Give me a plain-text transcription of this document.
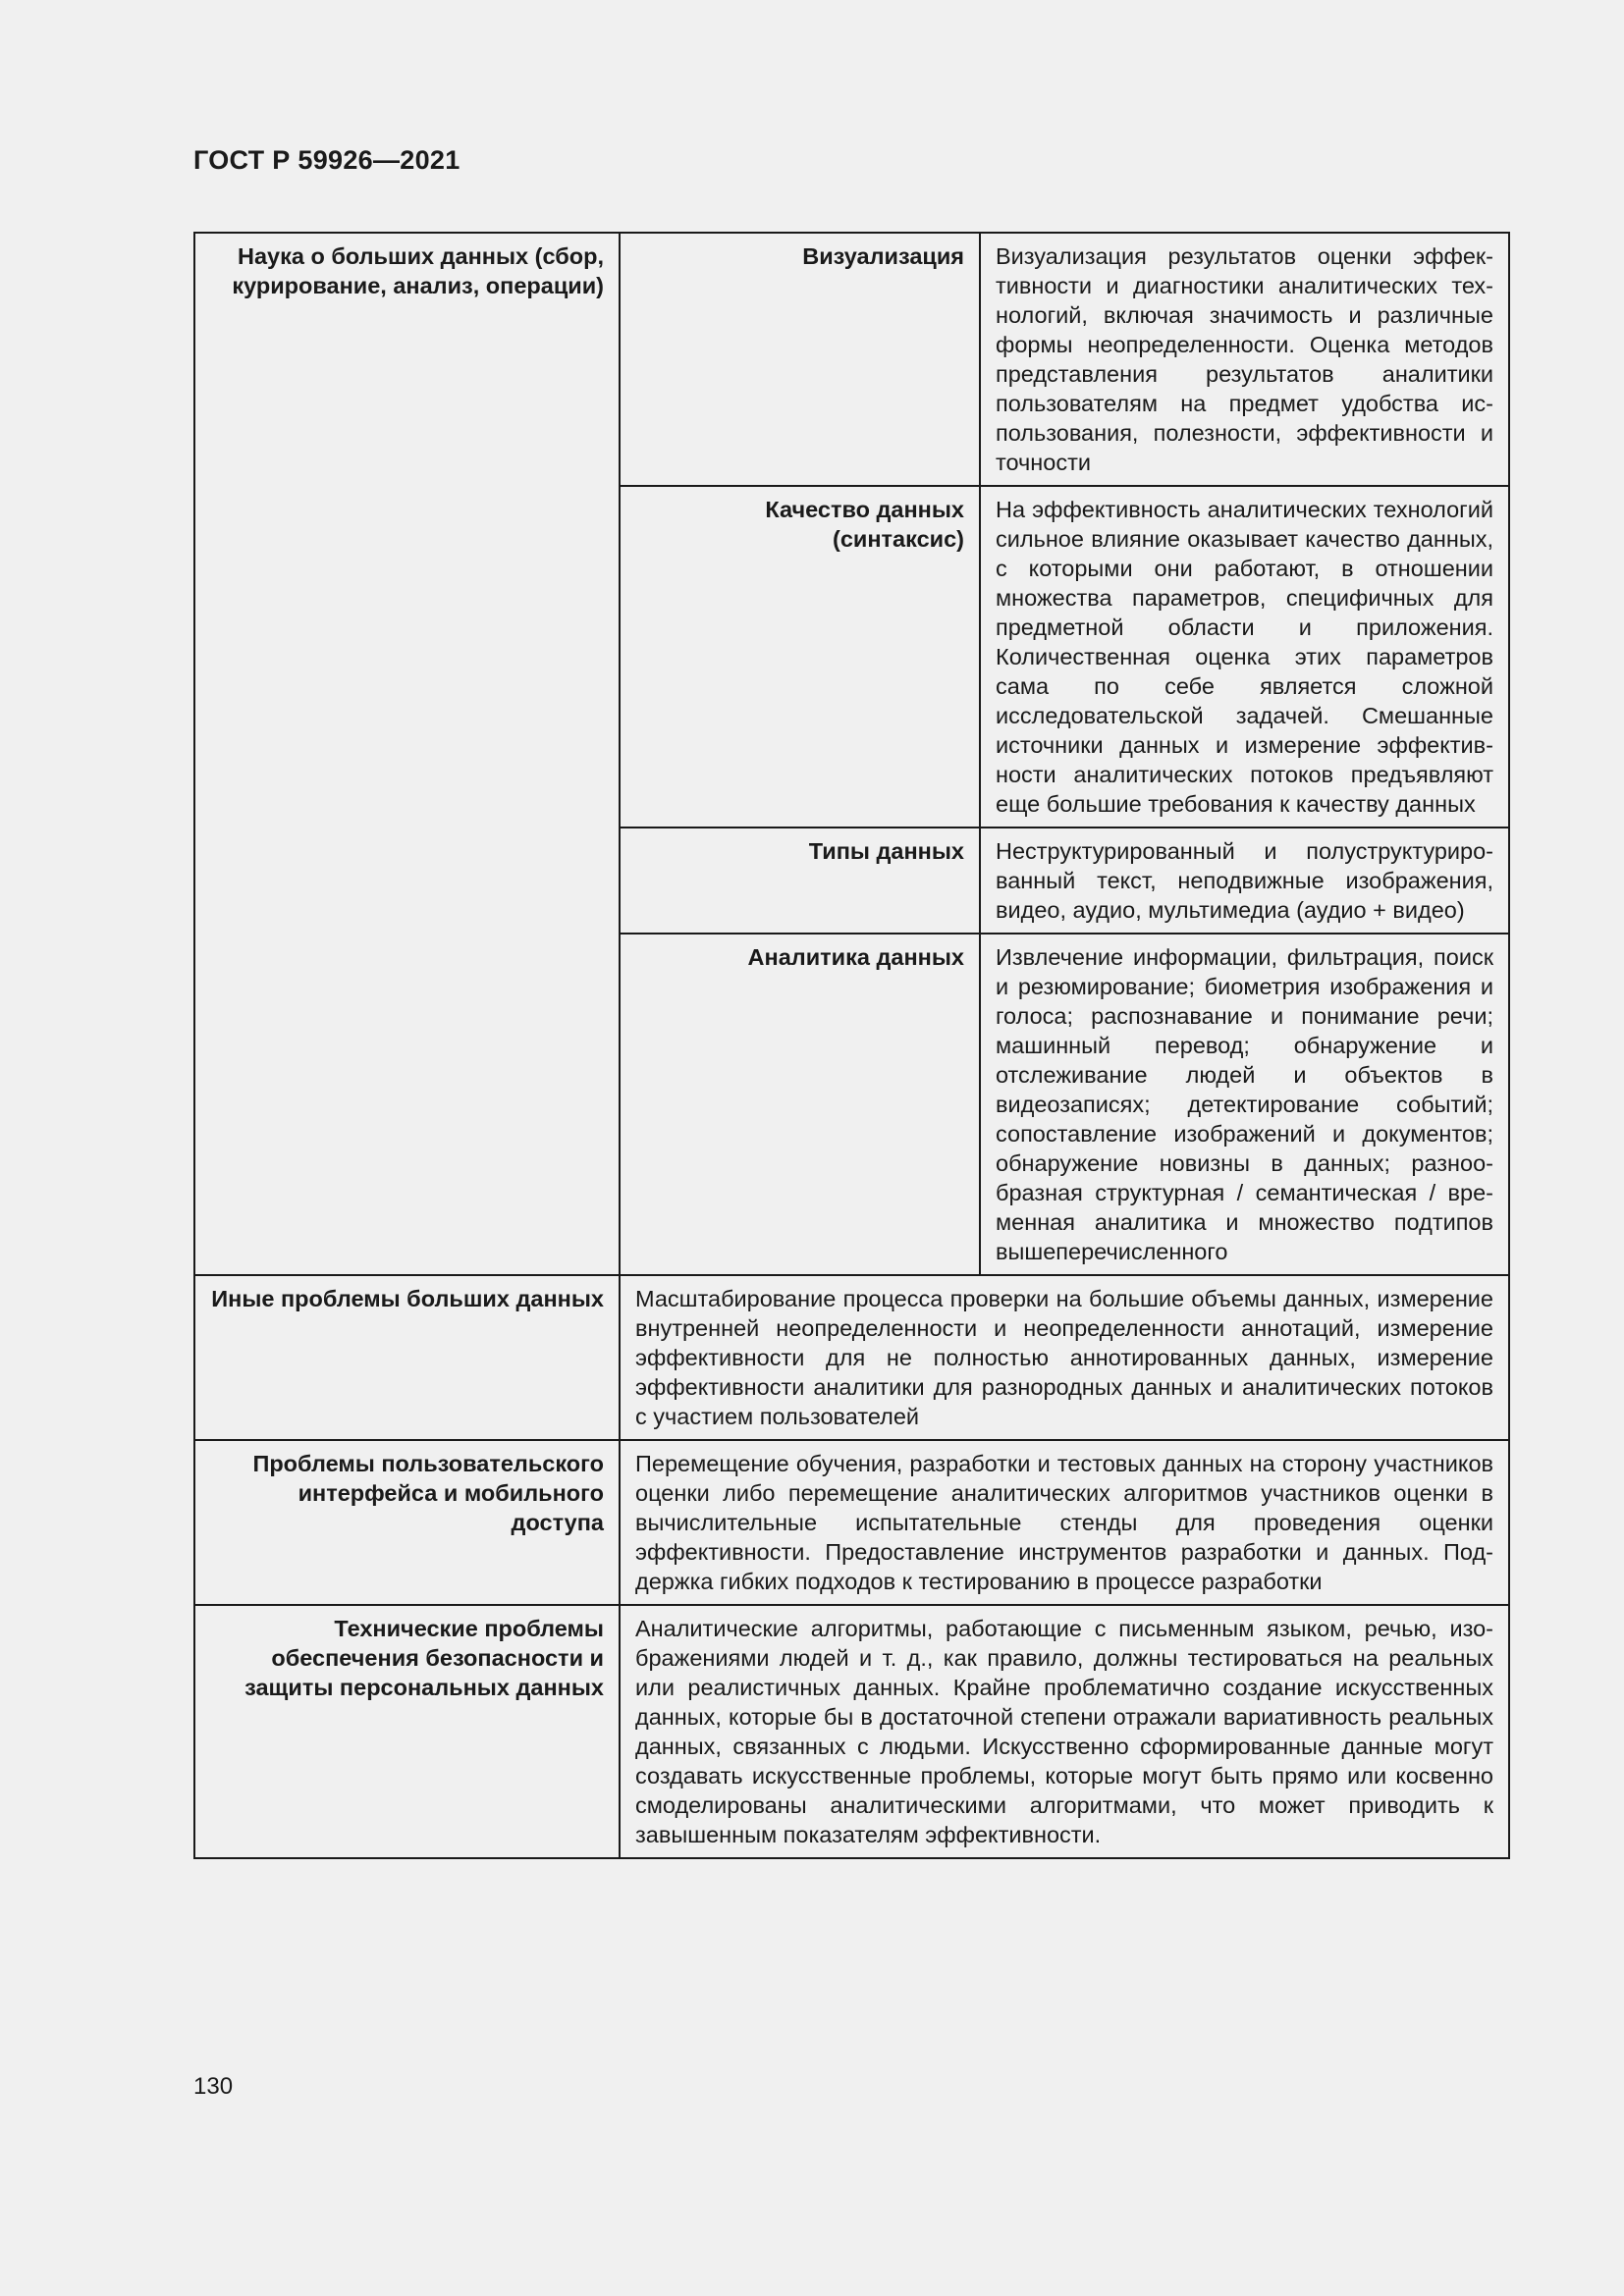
ГОСТ Р 59926—2021
Наука о больших данных (сбор, курирование, анализ, операции)	Визуализация	Визуализация результатов оценки эффективности и диагностики аналитических технологий, включая значимость и различные формы неопределенности. Оценка методов представления результатов аналитики пользователям на предмет удобства использования, полезности, эффективности и точности
	Качество данных (синтаксис)	На эффективность аналитических технологий сильное влияние оказывает качество данных, с которыми они работают, в отношении множества параметров, специфичных для предметной области и приложения. Количественная оценка этих параметров сама по себе является сложной исследовательской задачей. Смешанные источники данных и измерение эффективности аналитических потоков предъявляют еще большие требования к качеству данных
	Типы данных	Неструктурированный и полуструктурированный текст, неподвижные изображения, видео, аудио, мультимедиа (аудио + видео)
	Аналитика данных	Извлечение информации, фильтрация, поиск и резюмирование; биометрия изображения и голоса; распознавание и понимание речи; машинный перевод; обнаружение и отслеживание людей и объектов в видеозаписях; детектирование событий; сопоставление изображений и документов; обнаружение новизны в данных; разнообразная структурная / семантическая / временная аналитика и множество подтипов вышеперечисленного
Иные проблемы больших данных	Масштабирование процесса проверки на большие объемы данных, измерение внутренней неопределенности и неопределенности аннотаций, измерение эффективности для не полностью аннотированных данных, измерение эффективности аналитики для разнородных данных и аналитических потоков с участием пользователей	
Проблемы пользовательского интерфейса и мобильного доступа	Перемещение обучения, разработки и тестовых данных на сторону участников оценки либо перемещение аналитических алгоритмов участников оценки в вычислительные испытательные стенды для проведения оценки эффективности. Предоставление инструментов разработки и данных. Поддержка гибких подходов к тестированию в процессе разработки	
Технические проблемы обеспечения безопасности и защиты персональных данных	Аналитические алгоритмы, работающие с письменным языком, речью, изображениями людей и т. д., как правило, должны тестироваться на реальных или реалистичных данных. Крайне проблематично создание искусственных данных, которые бы в достаточной степени отражали вариативность реальных данных, связанных с людьми. Искусственно сформированные данные могут создавать искусственные проблемы, которые могут быть прямо или косвенно смоделированы аналитическими алгоритмами, что может приводить к завышенным показателям эффективности.	
130
